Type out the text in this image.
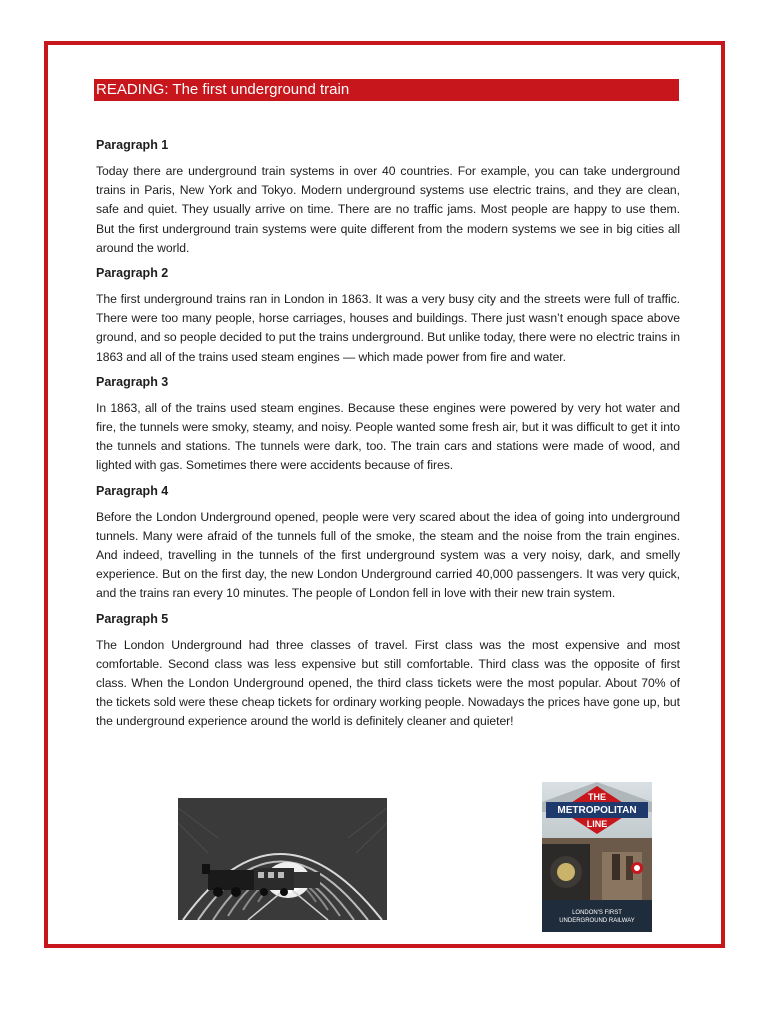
READING: The first underground train
Paragraph 1

Today there are underground train systems in over 40 countries. For example, you can take underground trains in Paris, New York and Tokyo. Modern underground systems use electric trains, and they are clean, safe and quiet. They usually arrive on time. There are no traffic jams. Most people are happy to use them. But the first underground train systems were quite different from the modern systems we see in big cities all around the world.

Paragraph 2

The first underground trains ran in London in 1863. It was a very busy city and the streets were full of traffic. There were too many people, horse carriages, houses and buildings. There just wasn’t enough space above ground, and so people decided to put the trains underground. But unlike today, there were no electric trains in 1863 and all of the trains used steam engines — which made power from fire and water.

Paragraph 3

In 1863, all of the trains used steam engines. Because these engines were powered by very hot water and fire, the tunnels were smoky, steamy, and noisy. People wanted some fresh air, but it was difficult to get it into the tunnels and stations. The tunnels were dark, too. The train cars and stations were made of wood, and lighted with gas. Sometimes there were accidents because of fires.

Paragraph 4

Before the London Underground opened, people were very scared about the idea of going into underground tunnels. Many were afraid of the tunnels full of the smoke, the steam and the noise from the train engines. And indeed, travelling in the tunnels of the first underground system was a very noisy, dark, and smelly experience. But on the first day, the new London Underground carried 40,000 passengers. It was very quick, and the trains ran every 10 minutes. The people of London fell in love with their new train system.

Paragraph 5

The London Underground had three classes of travel. First class was the most expensive and most comfortable. Second class was less expensive but still comfortable. Third class was the opposite of first class. When the London Underground opened, the third class tickets were the most popular. About 70% of the tickets sold were these cheap tickets for ordinary working people. Nowadays the prices have gone up, but the underground experience around the world is definitely cleaner and quieter!

THE
METROPOLITAN
LINE
LONDON'S FIRST
UNDERGROUND RAILWAY
